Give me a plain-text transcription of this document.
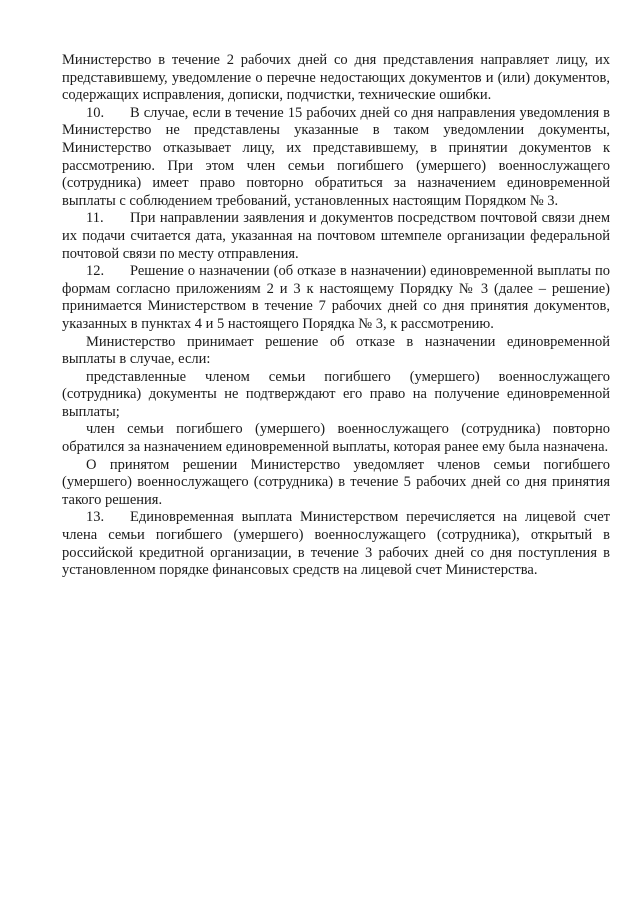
Министерство в течение 2 рабочих дней со дня представления направляет лицу, их представившему, уведомление о перечне недостающих документов и (или) документов, содержащих исправления, дописки, подчистки, технические ошибки.

10. В случае, если в течение 15 рабочих дней со дня направления уведомления в Министерство не представлены указанные в таком уведомлении документы, Министерство отказывает лицу, их представившему, в принятии документов к рассмотрению. При этом член семьи погибшего (умершего) военнослужащего (сотрудника) имеет право повторно обратиться за назначением единовременной выплаты с соблюдением требований, установленных настоящим Порядком № 3.

11. При направлении заявления и документов посредством почтовой связи днем их подачи считается дата, указанная на почтовом штемпеле организации федеральной почтовой связи по месту отправления.

12. Решение о назначении (об отказе в назначении) единовременной выплаты по формам согласно приложениям 2 и 3 к настоящему Порядку № 3 (далее – решение) принимается Министерством в течение 7 рабочих дней со дня принятия документов, указанных в пунктах 4 и 5 настоящего Порядка № 3, к рассмотрению.

Министерство принимает решение об отказе в назначении единовременной выплаты в случае, если:

представленные членом семьи погибшего (умершего) военнослужащего (сотрудника) документы не подтверждают его право на получение единовременной выплаты;

член семьи погибшего (умершего) военнослужащего (сотрудника) повторно обратился за назначением единовременной выплаты, которая ранее ему была назначена.

О принятом решении Министерство уведомляет членов семьи погибшего (умершего) военнослужащего (сотрудника) в течение 5 рабочих дней со дня принятия такого решения.

13. Единовременная выплата Министерством перечисляется на лицевой счет члена семьи погибшего (умершего) военнослужащего (сотрудника), открытый в российской кредитной организации, в течение 3 рабочих дней со дня поступления в установленном порядке финансовых средств на лицевой счет Министерства.
